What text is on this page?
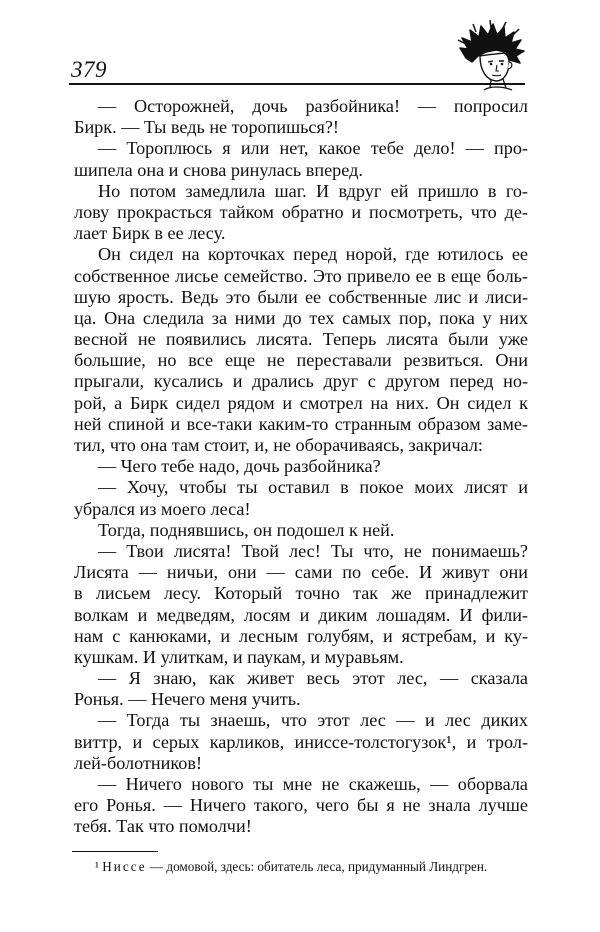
379
— Осторожней, дочь разбойника! — попросил
Бирк. — Ты ведь не торопишься?!
— Тороплюсь я или нет, какое тебе дело! — про-
шипела она и снова ринулась вперед.
Но потом замедлила шаг. И вдруг ей пришло в го-
лову прокрасться тайком обратно и посмотреть, что де-
лает Бирк в ее лесу.
Он сидел на корточках перед норой, где ютилось ее
собственное лисье семейство. Это привело ее в еще боль-
шую ярость. Ведь это были ее собственные лис и лиси-
ца. Она следила за ними до тех самых пор, пока у них
весной не появились лисята. Теперь лисята были уже
большие, но все еще не переставали резвиться. Они
прыгали, кусались и дрались друг с другом перед но-
рой, а Бирк сидел рядом и смотрел на них. Он сидел к
ней спиной и все-таки каким-то странным образом заме-
тил, что она там стоит, и, не оборачиваясь, закричал:
— Чего тебе надо, дочь разбойника?
— Хочу, чтобы ты оставил в покое моих лисят и
убрался из моего леса!
Тогда, поднявшись, он подошел к ней.
— Твои лисята! Твой лес! Ты что, не понимаешь?
Лисята — ничьи, они — сами по себе. И живут они
в лисьем лесу. Который точно так же принадлежит
волкам и медведям, лосям и диким лошадям. И фили-
нам с канюками, и лесным голубям, и ястребам, и ку-
кушкам. И улиткам, и паукам, и муравьям.
— Я знаю, как живет весь этот лес, — сказала
Ронья. — Нечего меня учить.
— Тогда ты знаешь, что этот лес — и лес диких
виттр, и серых карликов, иниссе-толстогузок¹, и трол-
лей-болотников!
— Ничего нового ты мне не скажешь, — оборвала
его Ронья. — Ничего такого, чего бы я не знала лучше
тебя. Так что помолчи!
¹ Ниссе — домовой, здесь: обитатель леса, придуманный Линдгрен.
